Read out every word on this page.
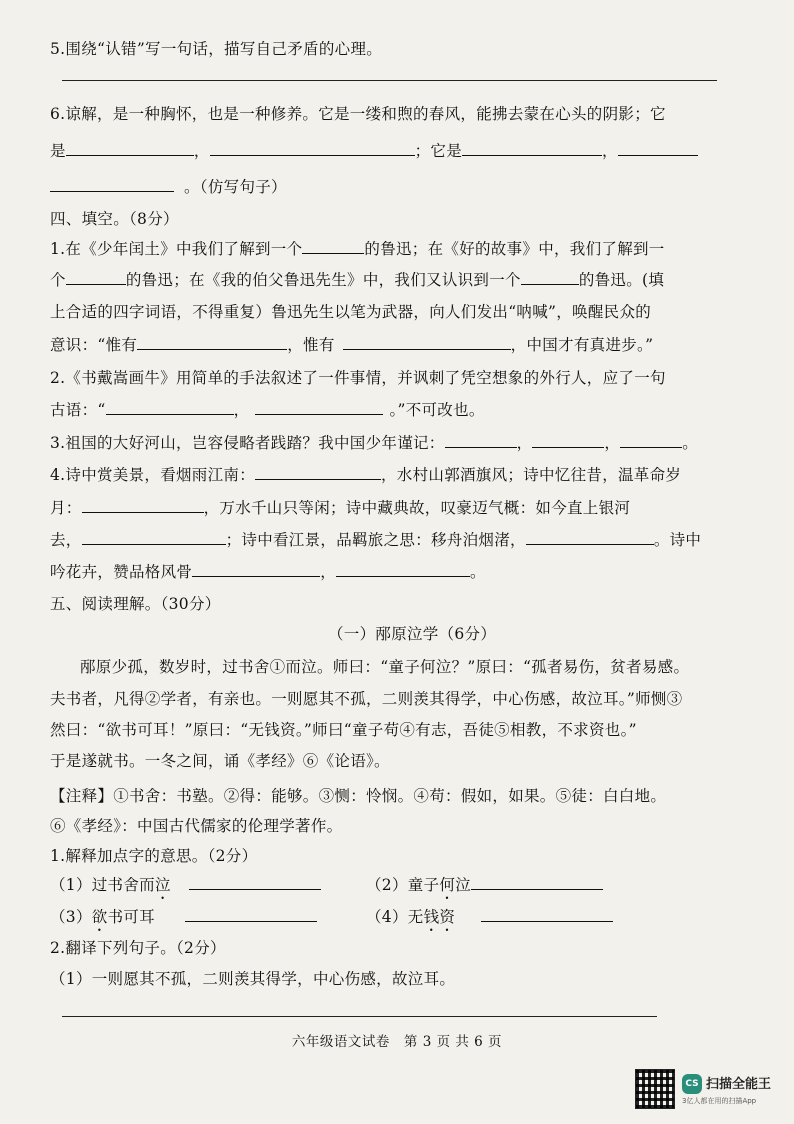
5.围绕“认错”写一句话，描写自己矛盾的心理。
6.谅解，是一种胸怀，也是一种修养。它是一缕和煦的春风，能拂去蒙在心头的阴影；它
是	，	；它是	，
。（仿写句子）
四、填空。（8分）
1.在《少年闰土》中我们了解到一个	的鲁迅；在《好的故事》中，我们了解到一
个	的鲁迅；在《我的伯父鲁迅先生》中，我们又认识到一个	的鲁迅。(填
上合适的四字词语，不得重复）鲁迅先生以笔为武器，向人们发出“呐喊”，唤醒民众的
意识：“惟有	，惟有	，中国才有真进步。”
2.《书戴嵩画牛》用简单的手法叙述了一件事情，并讽刺了凭空想象的外行人，应了一句
古语：“	，	。”不可改也。
3.祖国的大好河山，岂容侵略者践踏？我中国少年谨记：	，	，	。
4.诗中赏美景，看烟雨江南：	，水村山郭酒旗风；诗中忆往昔，温革命岁
月：	，万水千山只等闲；诗中藏典故，叹豪迈气概：如今直上银河
去，	；诗中看江景，品羁旅之思：移舟泊烟渚，	。诗中
吟花卉，赞品格风骨	，	。
五、阅读理解。（30分）
（一）邴原泣学（6分）
邴原少孤，数岁时，过书舍①而泣。师曰：“童子何泣？”原曰：“孤者易伤，贫者易感。
夫书者，凡得②学者，有亲也。一则愿其不孤，二则羡其得学，中心伤感，故泣耳。”师恻③
然曰：“欲书可耳！”原曰：“无钱资。”师曰“童子苟④有志，吾徒⑤相教，不求资也。”
于是遂就书。一冬之间，诵《孝经》⑥《论语》。
【注释】①书舍：书塾。②得：能够。③恻：怜悯。④苟：假如，如果。⑤徒：白白地。
⑥《孝经》：中国古代儒家的伦理学著作。
1.解释加点字的意思。（2分）
（1）过书舍而泣	（2）童子何泣
（3）欲书可耳	（4）无钱资
2.翻译下列句子。（2分）
（1）一则愿其不孤，二则羡其得学，中心伤感，故泣耳。
六年级语文试卷　第 3 页 共 6 页
CS 扫描全能王
3亿人都在用的扫描App
